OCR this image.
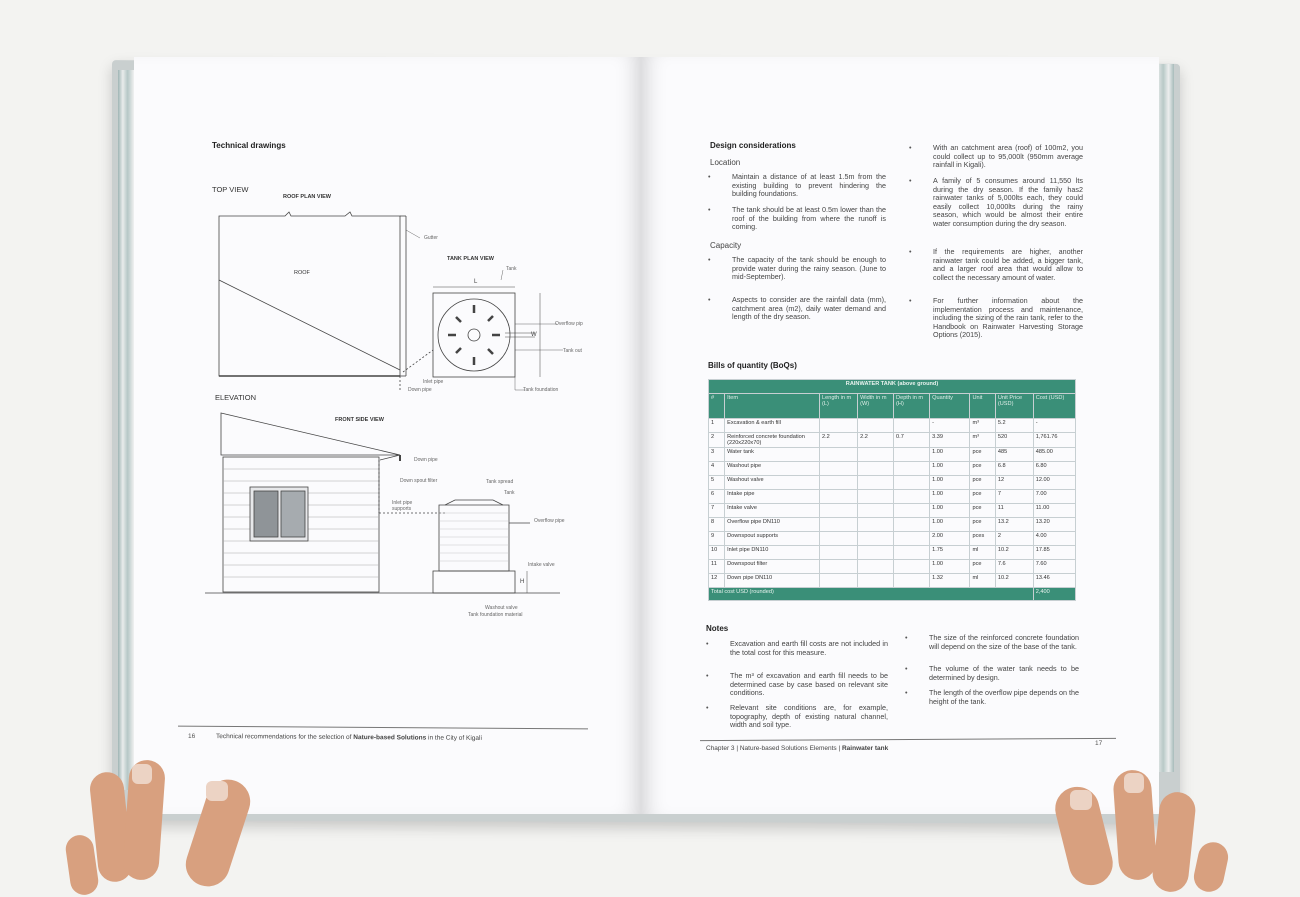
Technical drawings
TOP VIEW
ROOF PLAN VIEW
TANK PLAN VIEW
ELEVATION
FRONT SIDE VIEW
ROOF
Gutter
Tank
L
W
Overflow pip
Tank out
Inlet pipe
Down pipe	Tank foundation
Down pipe
Down spout filter
Inlet pipe supports
Tank spread
Tank
Overflow pipe
Intake valve
H
Washout valve
Tank foundation material
16	Technical recommendations for the selection of Nature-based Solutions in the City of Kigali
Design considerations
Location
• Maintain a distance of at least 1.5m from the existing building to prevent hindering the building foundations.
• The tank should be at least 0.5m lower than the roof of the building from where the runoff is coming.
Capacity
• The capacity of the tank should be enough to provide water during the rainy season. (June to mid-September).
• Aspects to consider are the rainfall data (mm), catchment area (m2), daily water demand and length of the dry season.
• With an catchment area (roof) of 100m2, you could collect up to 95,000lt (950mm average rainfall in Kigali).
• A family of 5 consumes around 11,550 lts during the dry season. If the family has2 rainwater tanks of 5,000lts each, they could easily collect 10,000lts during the rainy season, which would be almost their entire water consumption during the dry season.
• If the requirements are higher, another rainwater tank could be added, a bigger tank, and a larger roof area that would allow to collect the necessary amount of water.
• For further information about the implementation process and maintenance, including the sizing of the rain tank, refer to the Handbook on Rainwater Harvesting Storage Options (2015).
Bills of quantity (BoQs)
RAINWATER TANK (above ground)								
#	Item	Length in m (L)	Width in m (W)	Depth in m (H)	Quantity	Unit	Unit Price (USD)	Cost (USD)
1	Excavation & earth fill				-	m³	5.2	-
2	Reinforced concrete foundation (220x220x70)	2.2	2.2	0.7	3.39	m³	520	1,761.76
3	Water tank				1.00	pce	485	485.00
4	Washout pipe				1.00	pce	6.8	6.80
5	Washout valve				1.00	pce	12	12.00
6	Intake pipe				1.00	pce	7	7.00
7	Intake valve				1.00	pce	11	11.00
8	Overflow pipe DN110				1.00	pce	13.2	13.20
9	Downspout supports				2.00	pces	2	4.00
10	Inlet pipe DN110				1.75	ml	10.2	17.85
11	Downspout filter				1.00	pce	7.6	7.60
12	Down pipe DN110				1.32	ml	10.2	13.46
Total cost USD (rounded)								2,400
Notes
• Excavation and earth fill costs are not included in the total cost for this measure.
• The m³ of excavation and earth fill needs to be determined case by case based on relevant site conditions.
• Relevant site conditions are, for example, topography, depth of existing natural channel, width and soil type.
• The size of the reinforced concrete foundation will depend on the size of the base of the tank.
• The volume of the water tank needs to be determined by design.
• The length of the overflow pipe depends on the height of the tank.
Chapter 3 | Nature-based Solutions Elements | Rainwater tank
17
